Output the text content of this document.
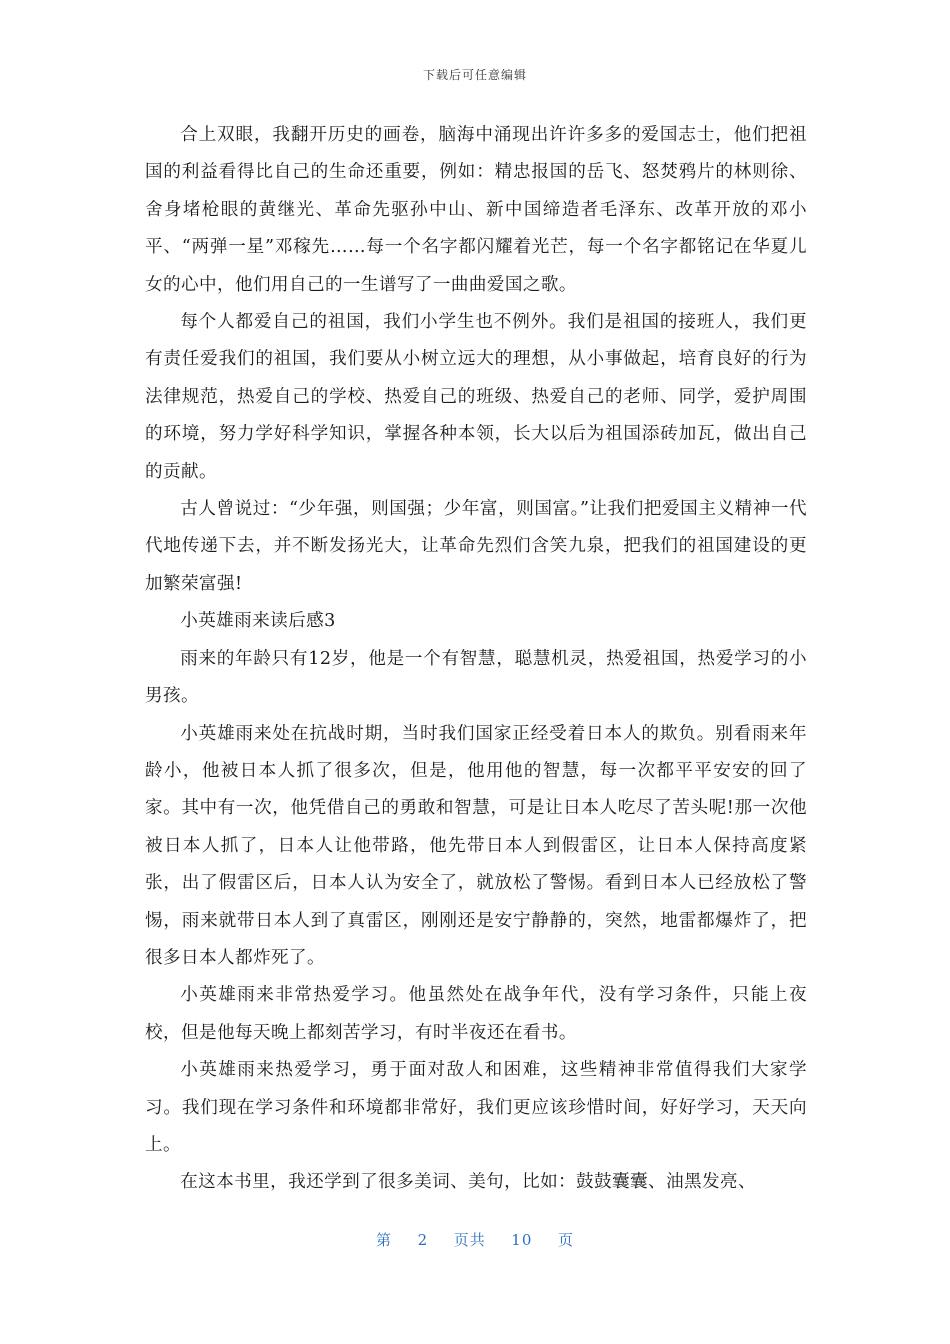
下载后可任意编辑

合上双眼，我翻开历史的画卷，脑海中涌现出许许多多的爱国志士，他们把祖国的利益看得比自己的生命还重要，例如：精忠报国的岳飞、怒焚鸦片的林则徐、舍身堵枪眼的黄继光、革命先驱孙中山、新中国缔造者毛泽东、改革开放的邓小平、“两弹一星”邓稼先……每一个名字都闪耀着光芒，每一个名字都铭记在华夏儿女的心中，他们用自己的一生谱写了一曲曲爱国之歌。

每个人都爱自己的祖国，我们小学生也不例外。我们是祖国的接班人，我们更有责任爱我们的祖国，我们要从小树立远大的理想，从小事做起，培育良好的行为法律规范，热爱自己的学校、热爱自己的班级、热爱自己的老师、同学，爱护周围的环境，努力学好科学知识，掌握各种本领，长大以后为祖国添砖加瓦，做出自己的贡献。

古人曾说过：“少年强，则国强；少年富，则国富。”让我们把爱国主义精神一代代地传递下去，并不断发扬光大，让革命先烈们含笑九泉，把我们的祖国建设的更加繁荣富强!

小英雄雨来读后感3

雨来的年龄只有12岁，他是一个有智慧，聪慧机灵，热爱祖国，热爱学习的小男孩。

小英雄雨来处在抗战时期，当时我们国家正经受着日本人的欺负。别看雨来年龄小，他被日本人抓了很多次，但是，他用他的智慧，每一次都平平安安的回了家。其中有一次，他凭借自己的勇敢和智慧，可是让日本人吃尽了苦头呢!那一次他被日本人抓了，日本人让他带路，他先带日本人到假雷区，让日本人保持高度紧张，出了假雷区后，日本人认为安全了，就放松了警惕。看到日本人已经放松了警惕，雨来就带日本人到了真雷区，刚刚还是安宁静静的，突然，地雷都爆炸了，把很多日本人都炸死了。

小英雄雨来非常热爱学习。他虽然处在战争年代，没有学习条件，只能上夜校，但是他每天晚上都刻苦学习，有时半夜还在看书。

小英雄雨来热爱学习，勇于面对敌人和困难，这些精神非常值得我们大家学习。我们现在学习条件和环境都非常好，我们更应该珍惜时间，好好学习，天天向上。

在这本书里，我还学到了很多美词、美句，比如：鼓鼓囊囊、油黑发亮、

第 2 页共 10 页
